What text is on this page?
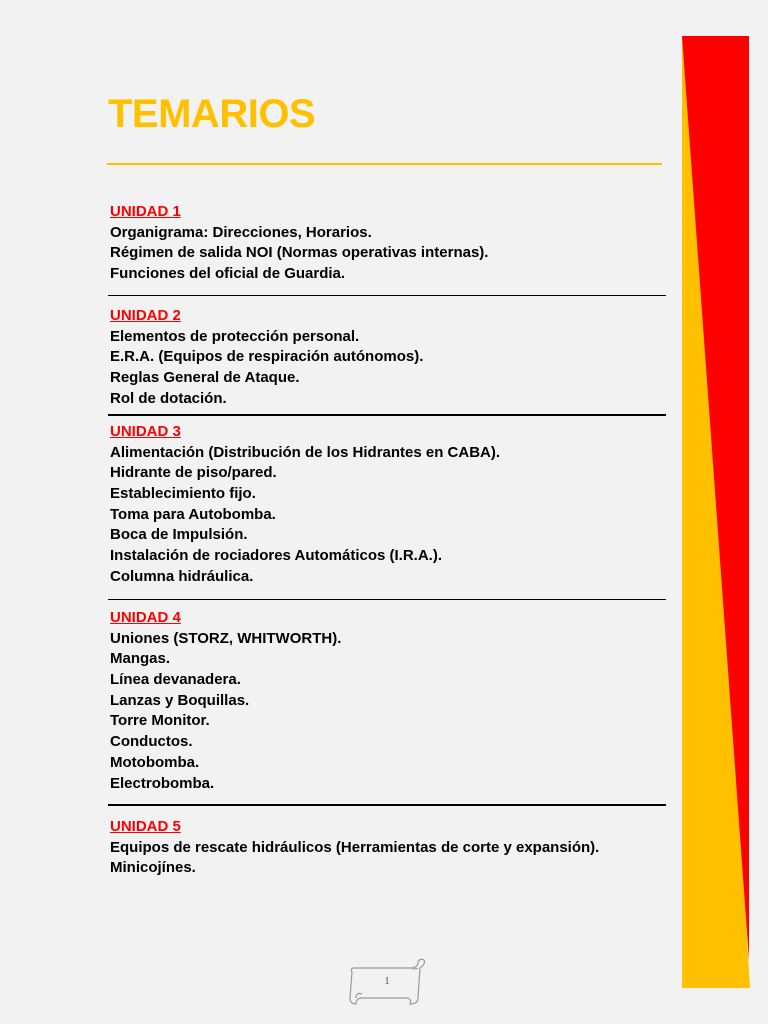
TEMARIOS
UNIDAD 1
Organigrama: Direcciones, Horarios.
Régimen de salida NOI (Normas operativas internas).
Funciones del oficial de Guardia.
UNIDAD 2
Elementos de protección personal.
E.R.A. (Equipos de respiración autónomos).
Reglas General de Ataque.
Rol de dotación.
UNIDAD 3
Alimentación (Distribución de los Hidrantes en CABA).
Hidrante de piso/pared.
Establecimiento fijo.
Toma para Autobomba.
Boca de Impulsión.
Instalación de rociadores Automáticos (I.R.A.).
Columna hidráulica.
UNIDAD 4
Uniones (STORZ, WHITWORTH).
Mangas.
Línea devanadera.
Lanzas y Boquillas.
Torre Monitor.
Conductos.
Motobomba.
Electrobomba.
UNIDAD 5
Equipos de rescate hidráulicos (Herramientas de corte y expansión).
Minicojínes.
1
